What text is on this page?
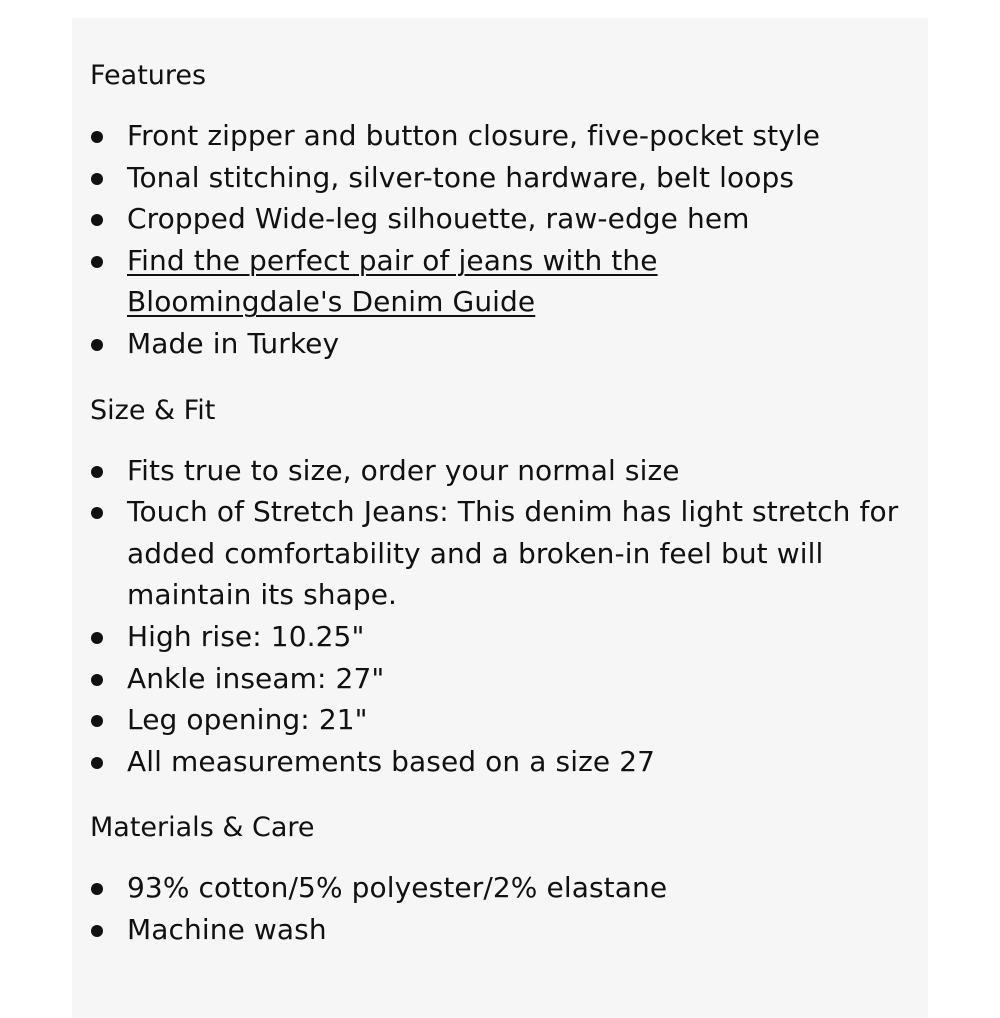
Features
Front zipper and button closure, five-pocket style
Tonal stitching, silver-tone hardware, belt loops
Cropped Wide-leg silhouette, raw-edge hem
Find the perfect pair of jeans with the
Bloomingdale's Denim Guide
Made in Turkey
Size & Fit
Fits true to size, order your normal size
Touch of Stretch Jeans: This denim has light stretch for added comfortability and a broken-in feel but will maintain its shape.
High rise: 10.25"
Ankle inseam: 27"
Leg opening: 21"
All measurements based on a size 27
Materials & Care
93% cotton/5% polyester/2% elastane
Machine wash
